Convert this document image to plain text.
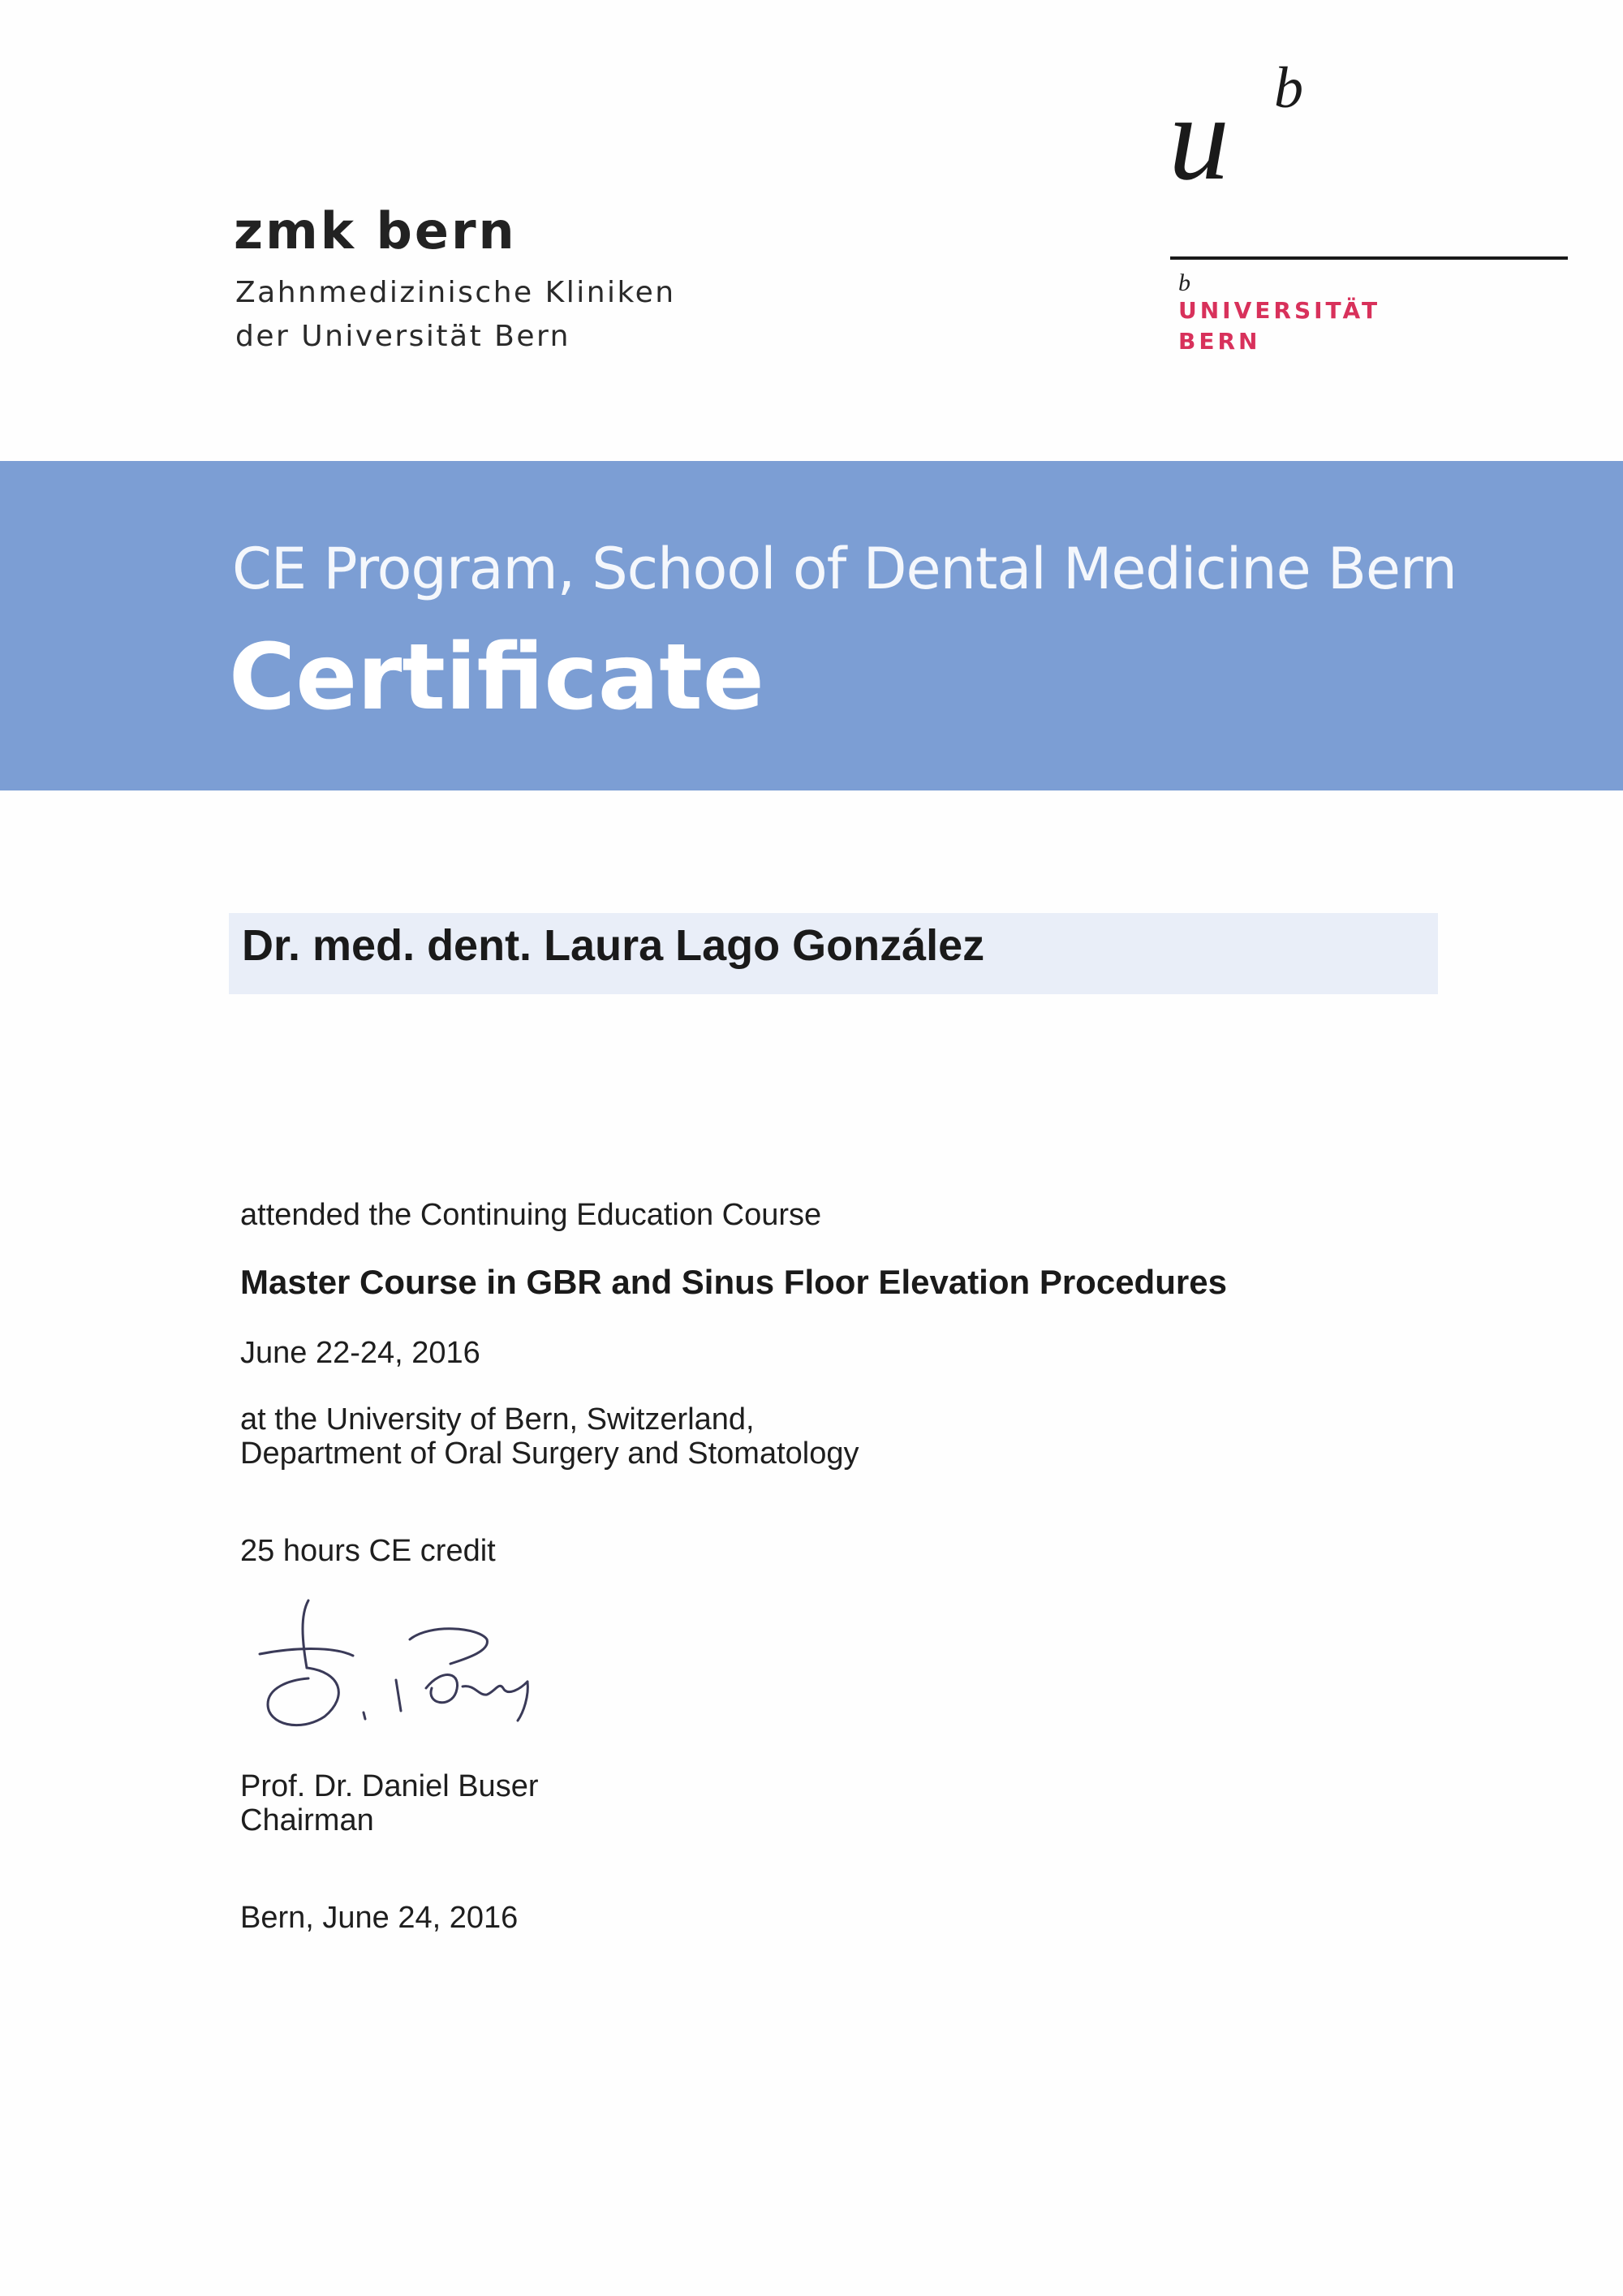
zmk bern
Zahnmedizinische Kliniken
der Universität Bern
u b
b
UNIVERSITÄT
BERN
CE Program, School of Dental Medicine Bern
Certificate
Dr. med. dent. Laura Lago González
attended the Continuing Education Course
Master Course in GBR and Sinus Floor Elevation Procedures
June 22-24, 2016
at the University of Bern, Switzerland,
Department of Oral Surgery and Stomatology
25 hours CE credit
Prof. Dr. Daniel Buser
Chairman
Bern, June 24, 2016
